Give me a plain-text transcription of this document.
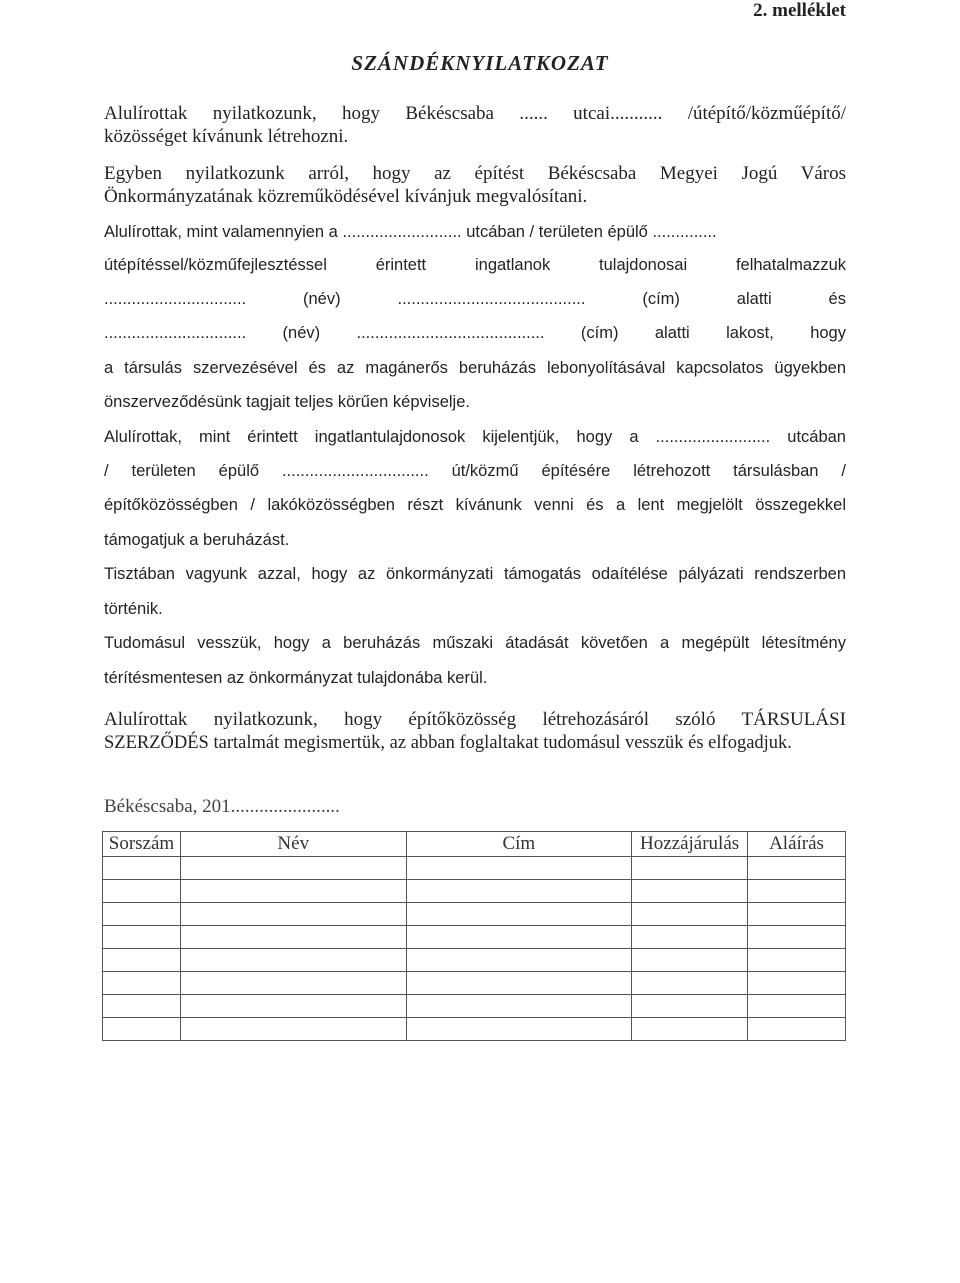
2. melléklet
SZÁNDÉKNYILATKOZAT
Alulírottak nyilatkozunk, hogy Békéscsaba ...... utcai........... /útépítő/közműépítő/
közösséget kívánunk létrehozni.
Egyben nyilatkozunk arról, hogy az építést Békéscsaba Megyei Jogú Város
Önkormányzatának közreműködésével kívánjuk megvalósítani.
Alulírottak, mint valamennyien a .......................... utcában / területen épülő ..............
útépítéssel/közműfejlesztéssel érintett ingatlanok tulajdonosai felhatalmazzuk
............................... (név) ......................................... (cím) alatti és
............................... (név) ......................................... (cím) alatti lakost, hogy
a társulás szervezésével és az magánerős beruházás lebonyolításával kapcsolatos ügyekben
önszerveződésünk tagjait teljes körűen képviselje.
Alulírottak, mint érintett ingatlantulajdonosok kijelentjük, hogy a ......................... utcában
/ területen épülő ................................ út/közmű építésére létrehozott társulásban /
építőközösségben / lakóközösségben részt kívánunk venni és a lent megjelölt összegekkel
támogatjuk a beruházást.
Tisztában vagyunk azzal, hogy az önkormányzati támogatás odaítélése pályázati rendszerben
történik.
Tudomásul vesszük, hogy a beruházás műszaki átadását követően a megépült létesítmény
térítésmentesen az önkormányzat tulajdonába kerül.
Alulírottak nyilatkozunk, hogy építőközösség létrehozásáról szóló TÁRSULÁSI
SZERZŐDÉS tartalmát megismertük, az abban foglaltakat tudomásul vesszük és elfogadjuk.
Békéscsaba, 201.......................
Sorszám	Név	Cím	Hozzájárulás	Aláírás
